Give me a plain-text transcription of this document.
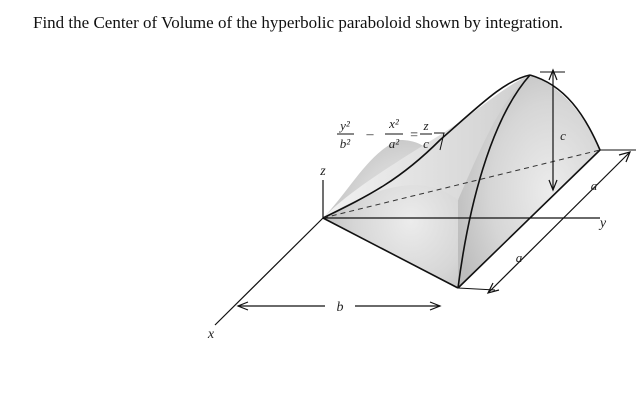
Find the Center of Volume of the hyperbolic paraboloid shown by integration.
y²
b²
–
x²
a²
=
z
c
z
x
y
b
a
a
c
